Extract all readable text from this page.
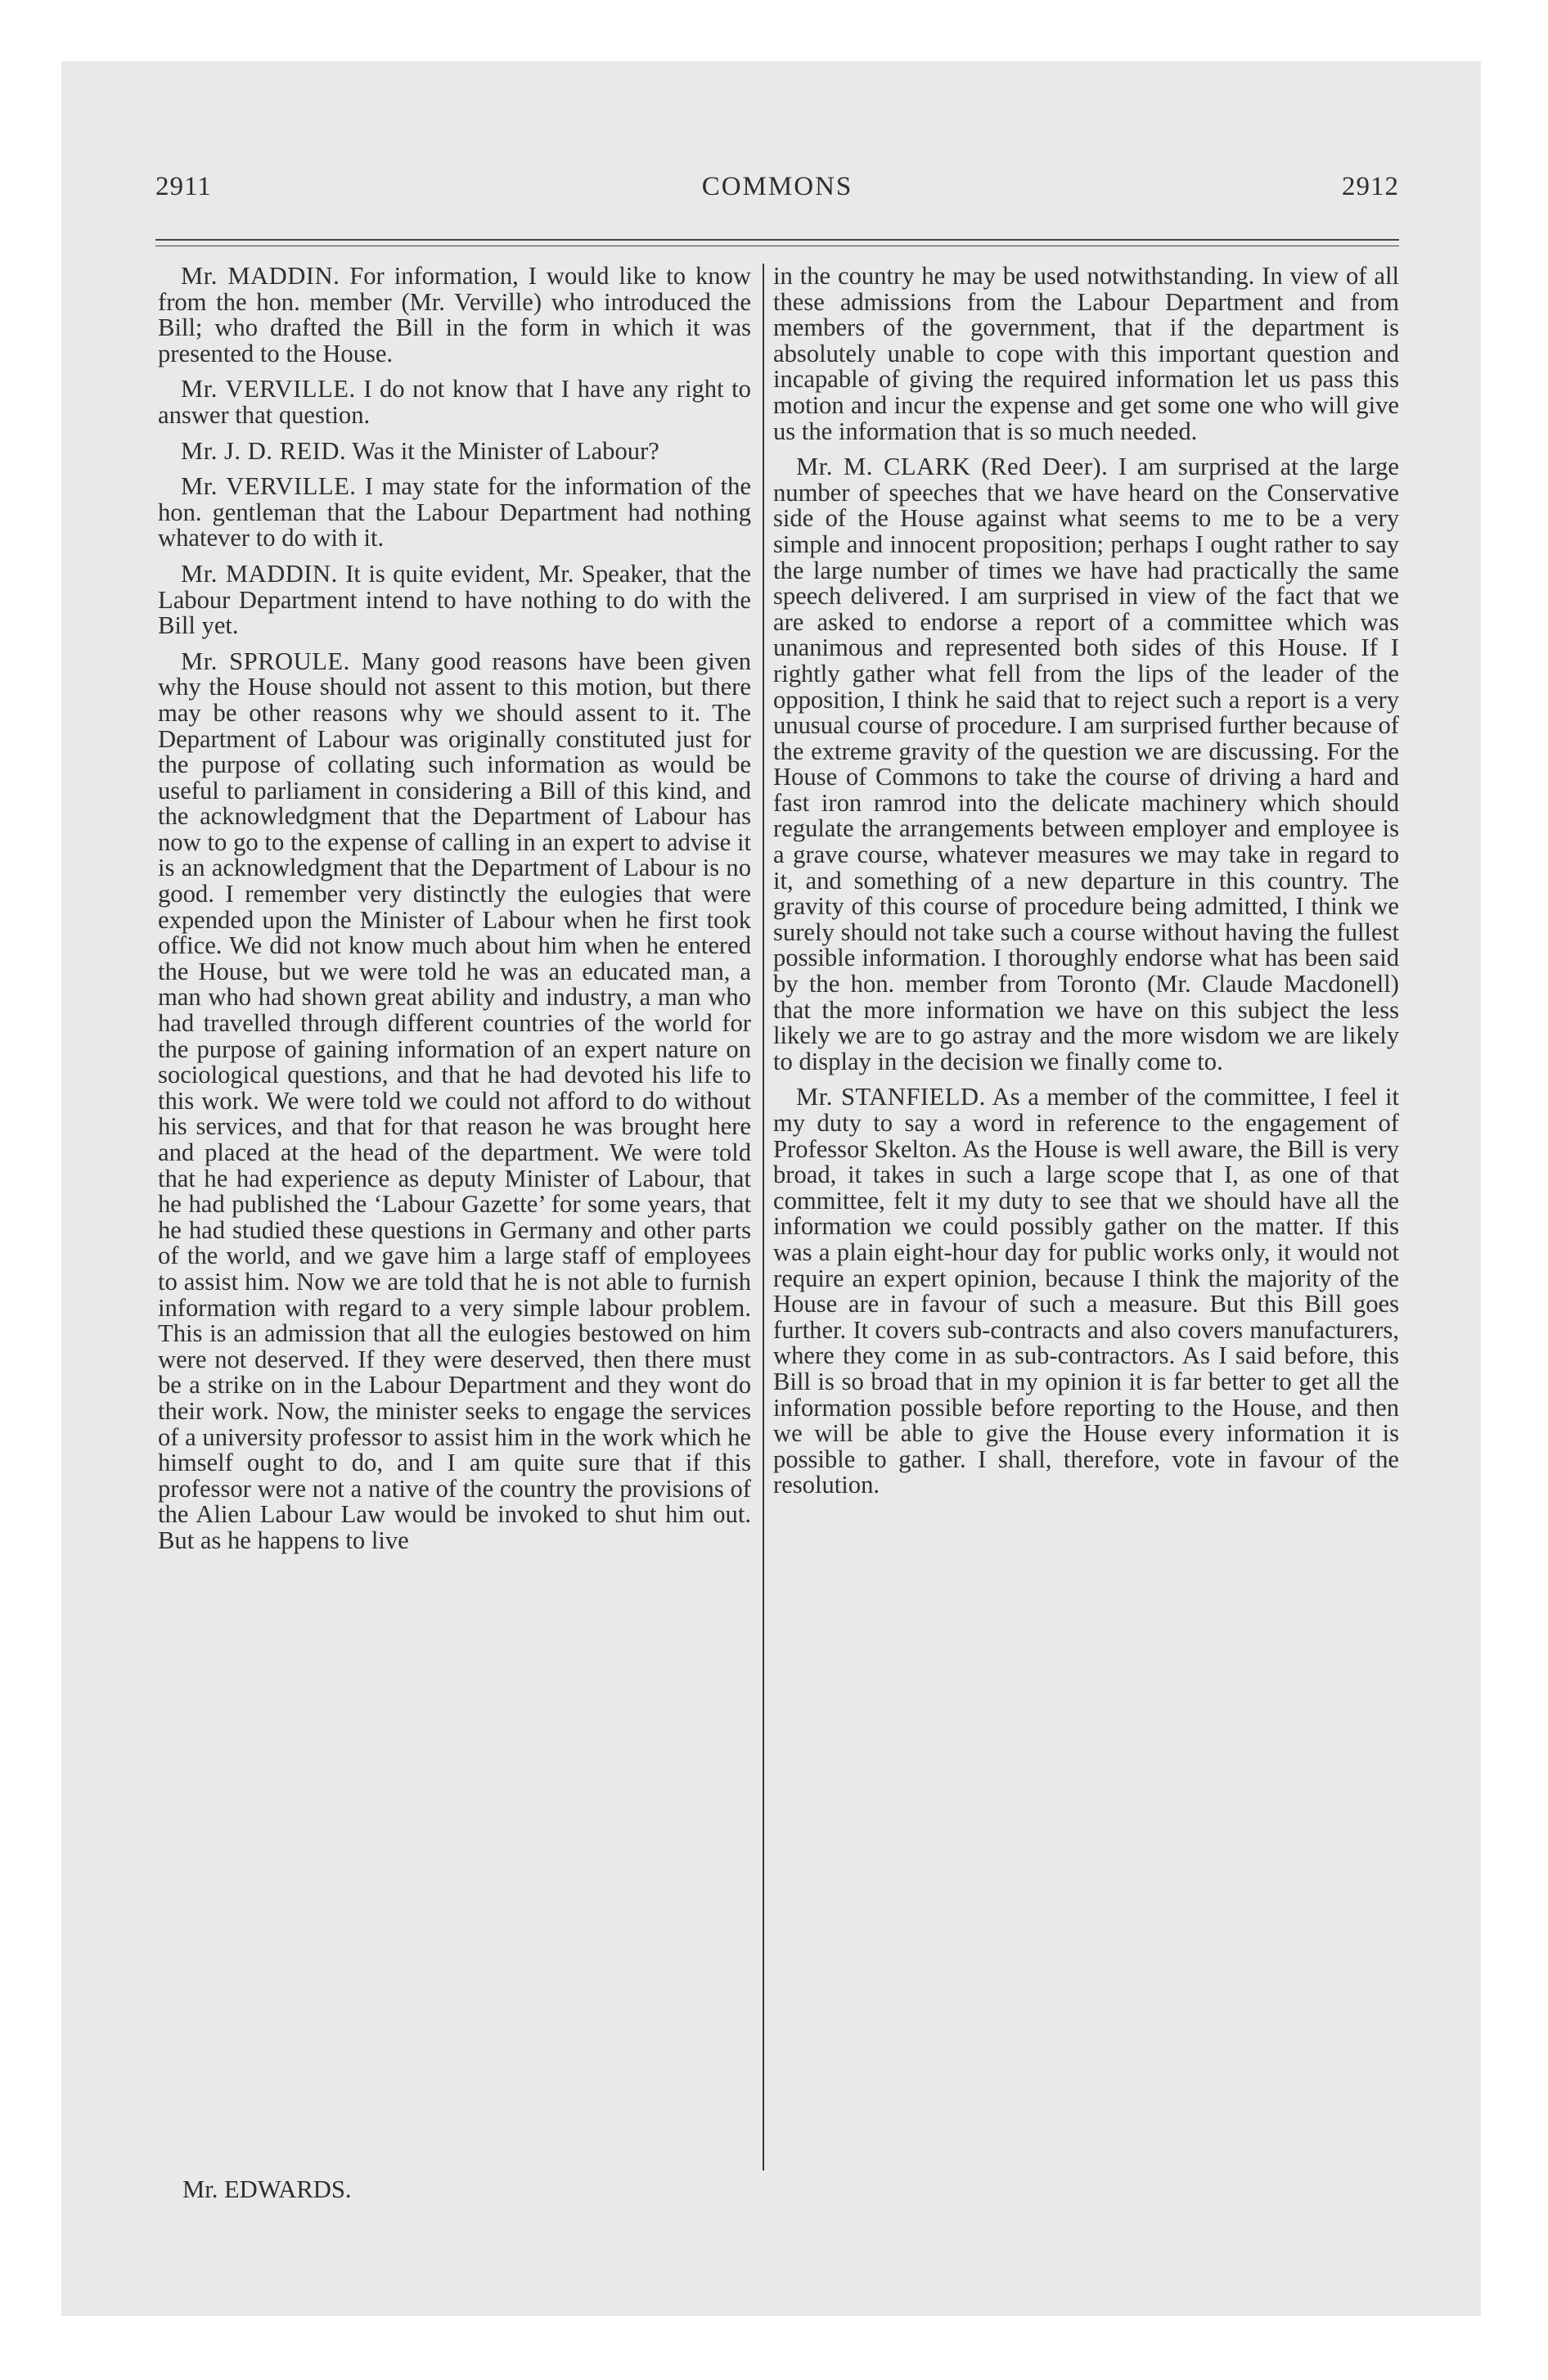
2911	COMMONS	2912

Mr. MADDIN. For information, I would like to know from the hon. member (Mr. Verville) who introduced the Bill; who drafted the Bill in the form in which it was presented to the House.

Mr. VERVILLE. I do not know that I have any right to answer that question.

Mr. J. D. REID. Was it the Minister of Labour?

Mr. VERVILLE. I may state for the information of the hon. gentleman that the Labour Department had nothing whatever to do with it.

Mr. MADDIN. It is quite evident, Mr. Speaker, that the Labour Department intend to have nothing to do with the Bill yet.

Mr. SPROULE. Many good reasons have been given why the House should not assent to this motion, but there may be other reasons why we should assent to it. The Department of Labour was originally constituted just for the purpose of collating such information as would be useful to parliament in considering a Bill of this kind, and the acknowledgment that the Department of Labour has now to go to the expense of calling in an expert to advise it is an acknowledgment that the Department of Labour is no good. I remember very distinctly the eulogies that were expended upon the Minister of Labour when he first took office. We did not know much about him when he entered the House, but we were told he was an educated man, a man who had shown great ability and industry, a man who had travelled through different countries of the world for the purpose of gaining information of an expert nature on sociological questions, and that he had devoted his life to this work. We were told we could not afford to do without his services, and that for that reason he was brought here and placed at the head of the department. We were told that he had experience as deputy Minister of Labour, that he had published the ‘Labour Gazette’ for some years, that he had studied these questions in Germany and other parts of the world, and we gave him a large staff of employees to assist him. Now we are told that he is not able to furnish information with regard to a very simple labour problem. This is an admission that all the eulogies bestowed on him were not deserved. If they were deserved, then there must be a strike on in the Labour Department and they wont do their work. Now, the minister seeks to engage the services of a university professor to assist him in the work which he himself ought to do, and I am quite sure that if this professor were not a native of the country the provisions of the Alien Labour Law would be invoked to shut him out. But as he happens to live

in the country he may be used notwithstanding. In view of all these admissions from the Labour Department and from members of the government, that if the department is absolutely unable to cope with this important question and incapable of giving the required information let us pass this motion and incur the expense and get some one who will give us the information that is so much needed.

Mr. M. CLARK (Red Deer). I am surprised at the large number of speeches that we have heard on the Conservative side of the House against what seems to me to be a very simple and innocent proposition; perhaps I ought rather to say the large number of times we have had practically the same speech delivered. I am surprised in view of the fact that we are asked to endorse a report of a committee which was unanimous and represented both sides of this House. If I rightly gather what fell from the lips of the leader of the opposition, I think he said that to reject such a report is a very unusual course of procedure. I am surprised further because of the extreme gravity of the question we are discussing. For the House of Commons to take the course of driving a hard and fast iron ramrod into the delicate machinery which should regulate the arrangements between employer and employee is a grave course, whatever measures we may take in regard to it, and something of a new departure in this country. The gravity of this course of procedure being admitted, I think we surely should not take such a course without having the fullest possible information. I thoroughly endorse what has been said by the hon. member from Toronto (Mr. Claude Macdonell) that the more information we have on this subject the less likely we are to go astray and the more wisdom we are likely to display in the decision we finally come to.

Mr. STANFIELD. As a member of the committee, I feel it my duty to say a word in reference to the engagement of Professor Skelton. As the House is well aware, the Bill is very broad, it takes in such a large scope that I, as one of that committee, felt it my duty to see that we should have all the information we could possibly gather on the matter. If this was a plain eight-hour day for public works only, it would not require an expert opinion, because I think the majority of the House are in favour of such a measure. But this Bill goes further. It covers sub-contracts and also covers manufacturers, where they come in as sub-contractors. As I said before, this Bill is so broad that in my opinion it is far better to get all the information possible before reporting to the House, and then we will be able to give the House every information it is possible to gather. I shall, therefore, vote in favour of the resolution.

Mr. EDWARDS.
